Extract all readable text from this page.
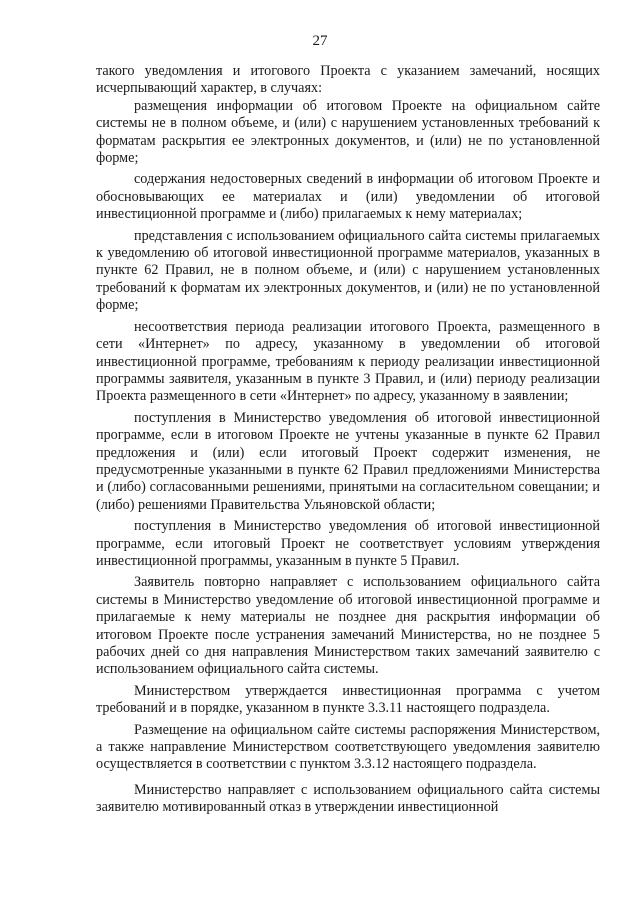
27

такого уведомления и итогового Проекта с указанием замечаний, носящих исчерпывающий характер, в случаях:

размещения информации об итоговом Проекте на официальном сайте системы не в полном объеме, и (или) с нарушением установленных требований к форматам раскрытия ее электронных документов, и (или) не по установленной форме;

содержания недостоверных сведений в информации об итоговом Проекте и обосновывающих ее материалах и (или) уведомлении об итоговой инвестиционной программе и (либо) прилагаемых к нему материалах;

представления с использованием официального сайта системы прилагаемых к уведомлению об итоговой инвестиционной программе материалов, указанных в пункте 62 Правил, не в полном объеме, и (или) с нарушением установленных требований к форматам их электронных документов, и (или) не по установленной форме;

несоответствия периода реализации итогового Проекта, размещенного в сети «Интернет» по адресу, указанному в уведомлении об итоговой инвестиционной программе, требованиям к периоду реализации инвестиционной программы заявителя, указанным в пункте 3 Правил, и (или) периоду реализации Проекта размещенного в сети «Интернет» по адресу, указанному в заявлении;

поступления в Министерство уведомления об итоговой инвестиционной программе, если в итоговом Проекте не учтены указанные в пункте 62 Правил предложения и (или) если итоговый Проект содержит изменения, не предусмотренные указанными в пункте 62 Правил предложениями Министерства и (либо) согласованными решениями, принятыми на согласительном совещании; и (либо) решениями Правительства Ульяновской области;

поступления в Министерство уведомления об итоговой инвестиционной программе, если итоговый Проект не соответствует условиям утверждения инвестиционной программы, указанным в пункте 5 Правил.

Заявитель повторно направляет с использованием официального сайта системы в Министерство уведомление об итоговой инвестиционной программе и прилагаемые к нему материалы не позднее дня раскрытия информации об итоговом Проекте после устранения замечаний Министерства, но не позднее 5 рабочих дней со дня направления Министерством таких замечаний заявителю с использованием официального сайта системы.

Министерством утверждается инвестиционная программа с учетом требований и в порядке, указанном в пункте 3.3.11 настоящего подраздела.

Размещение на официальном сайте системы распоряжения Министерством, а также направление Министерством соответствующего уведомления заявителю осуществляется в соответствии с пунктом 3.3.12 настоящего подраздела.

Министерство направляет с использованием официального сайта системы заявителю мотивированный отказ в утверждении инвестиционной
